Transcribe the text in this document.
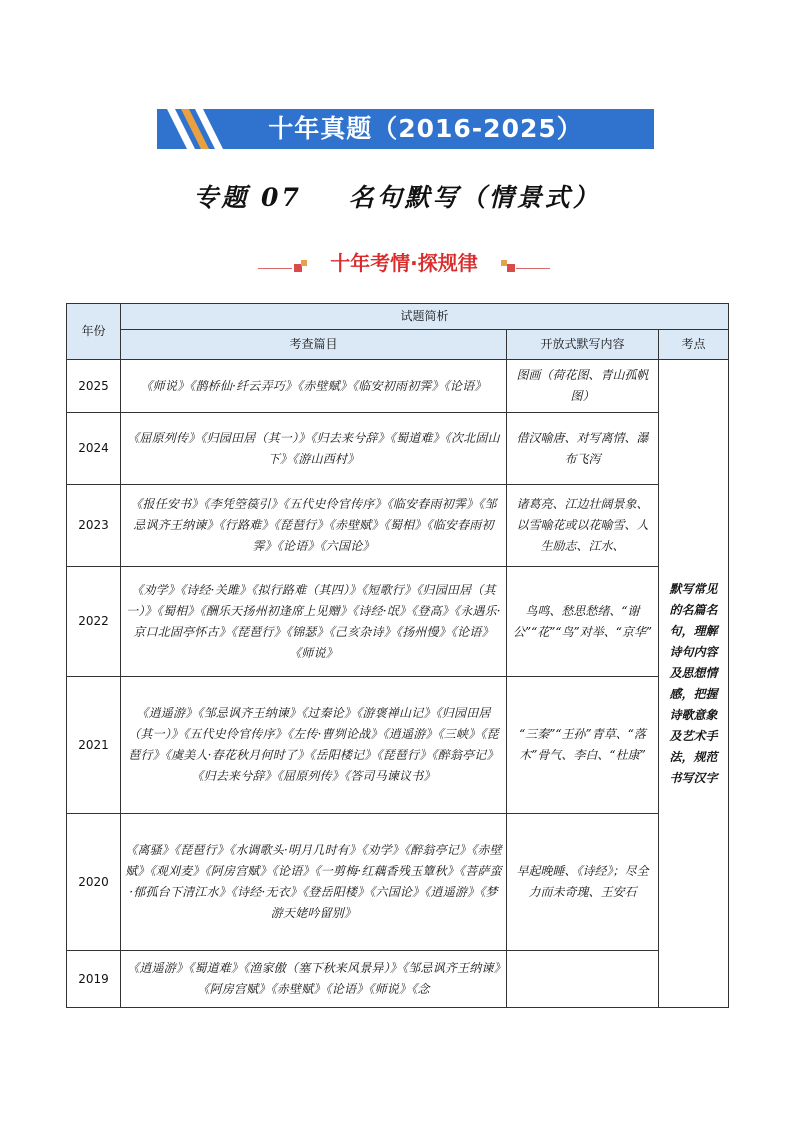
十年真题（2016-2025）
专题 07    名句默写（情景式）
十年考情·探规律
年份	试题简析		
	考查篇目	开放式默写内容	考点
2025	《师说》《鹊桥仙·纤云弄巧》《赤壁赋》《临安初雨初霁》《论语》	图画（荷花图、青山孤帆图）	默写常见的名篇名句，理解诗句内容及思想情感，把握诗歌意象及艺术手法，规范书写汉字
2024	《屈原列传》《归园田居（其一）》《归去来兮辞》《蜀道难》《次北固山下》《游山西村》	借汉喻唐、对写离情、瀑布飞泻	
2023	《报任安书》《李凭箜篌引》《五代史伶官传序》《临安春雨初霁》《邹忌讽齐王纳谏》《行路难》《琵琶行》《赤壁赋》《蜀相》《临安春雨初霁》《论语》《六国论》	诸葛亮、江边壮阔景象、以雪喻花或以花喻雪、人生励志、江水、	
2022	《劝学》《诗经·关雎》《拟行路难（其四）》《短歌行》《归园田居（其一）》《蜀相》《酬乐天扬州初逢席上见赠》《诗经·氓》《登高》《永遇乐·京口北固亭怀古》《琵琶行》《锦瑟》《己亥杂诗》《扬州慢》《论语》《师说》	鸟鸣、愁思愁绪、“谢公”“花”“鸟”对举、“京华”	
2021	《逍遥游》《邹忌讽齐王纳谏》《过秦论》《游褒禅山记》《归园田居（其一）》《五代史伶官传序》《左传·曹刿论战》《逍遥游》《三峡》《琵琶行》《虞美人·春花秋月何时了》《岳阳楼记》《琵琶行》《醉翁亭记》《归去来兮辞》《屈原列传》《答司马谏议书》	“三秦”“王孙”青草、“落木”骨气、李白、“杜康”	
2020	《离骚》《琵琶行》《水调歌头·明月几时有》《劝学》《醉翁亭记》《赤壁赋》《观刈麦》《阿房宫赋》《论语》《一剪梅·红藕香残玉簟秋》《菩萨蛮·郁孤台下清江水》《诗经·无衣》《登岳阳楼》《六国论》《逍遥游》《梦游天姥吟留别》	早起晚睡、《诗经》；尽全力而未奇瑰、王安石	
2019	《逍遥游》《蜀道难》《渔家傲（塞下秋来风景异）》《邹忌讽齐王纳谏》《阿房宫赋》《赤壁赋》《论语》《师说》《念		
